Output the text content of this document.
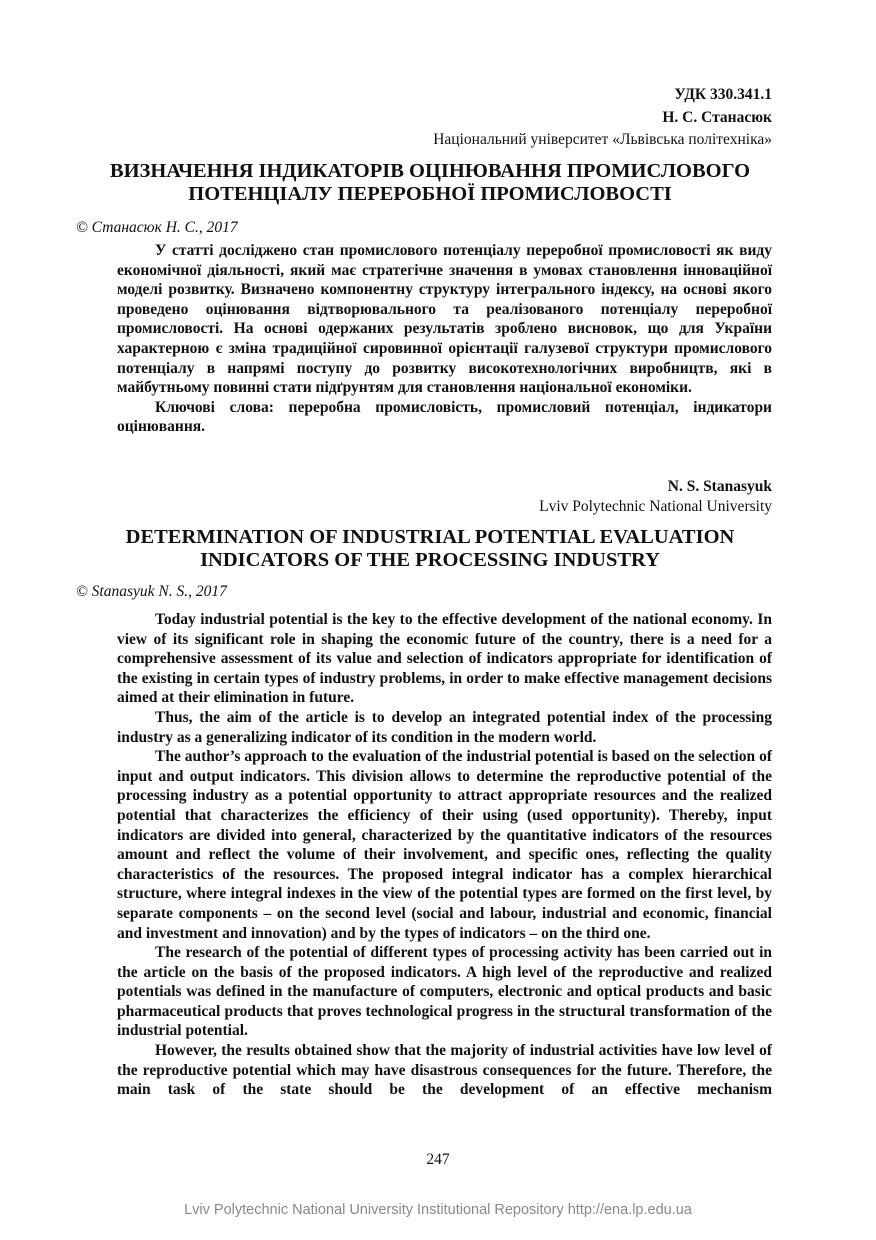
УДК 330.341.1
Н. С. Станасюк
Національний університет «Львівська політехніка»
ВИЗНАЧЕННЯ ІНДИКАТОРІВ ОЦІНЮВАННЯ ПРОМИСЛОВОГО
ПОТЕНЦІАЛУ ПЕРЕРОБНОЇ ПРОМИСЛОВОСТІ
© Станасюк Н. С., 2017

У статті досліджено стан промислового потенціалу переробної промисловості як виду економічної діяльності, який має стратегічне значення в умовах становлення інноваційної моделі розвитку. Визначено компонентну структуру інтегрального індексу, на основі якого проведено оцінювання відтворювального та реалізованого потенціалу переробної промисловості. На основі одержаних результатів зроблено висновок, що для України характерною є зміна традиційної сировинної орієнтації галузевої структури промислового потенціалу в напрямі поступу до розвитку високотехнологічних виробництв, які в майбутньому повинні стати підґрунтям для становлення національної економіки.

Ключові слова: переробна промисловість, промисловий потенціал, індикатори оцінювання.

N. S. Stanasyuk
Lviv Polytechnic National University
DETERMINATION OF INDUSTRIAL POTENTIAL EVALUATION
INDICATORS OF THE PROCESSING INDUSTRY
© Stanasyuk N. S., 2017

Today industrial potential is the key to the effective development of the national economy. In view of its significant role in shaping the economic future of the country, there is a need for a comprehensive assessment of its value and selection of indicators appropriate for identification of the existing in certain types of industry problems, in order to make effective management decisions aimed at their elimination in future.

Thus, the aim of the article is to develop an integrated potential index of the processing industry as a generalizing indicator of its condition in the modern world.

The author’s approach to the evaluation of the industrial potential is based on the selection of input and output indicators. This division allows to determine the reproductive potential of the processing industry as a potential opportunity to attract appropriate resources and the realized potential that characterizes the efficiency of their using (used opportunity). Thereby, input indicators are divided into general, characterized by the quantitative indicators of the resources amount and reflect the volume of their involvement, and specific ones, reflecting the quality characteristics of the resources. The proposed integral indicator has a complex hierarchical structure, where integral indexes in the view of the potential types are formed on the first level, by separate components – on the second level (social and labour, industrial and economic, financial and investment and innovation) and by the types of indicators – on the third one.

The research of the potential of different types of processing activity has been carried out in the article on the basis of the proposed indicators. A high level of the reproductive and realized potentials was defined in the manufacture of computers, electronic and optical products and basic pharmaceutical products that proves technological progress in the structural transformation of the industrial potential.

However, the results obtained show that the majority of industrial activities have low level of the reproductive potential which may have disastrous consequences for the future. Therefore, the main task of the state should be the development of an effective mechanism

247
Lviv Polytechnic National University Institutional Repository http://ena.lp.edu.ua
